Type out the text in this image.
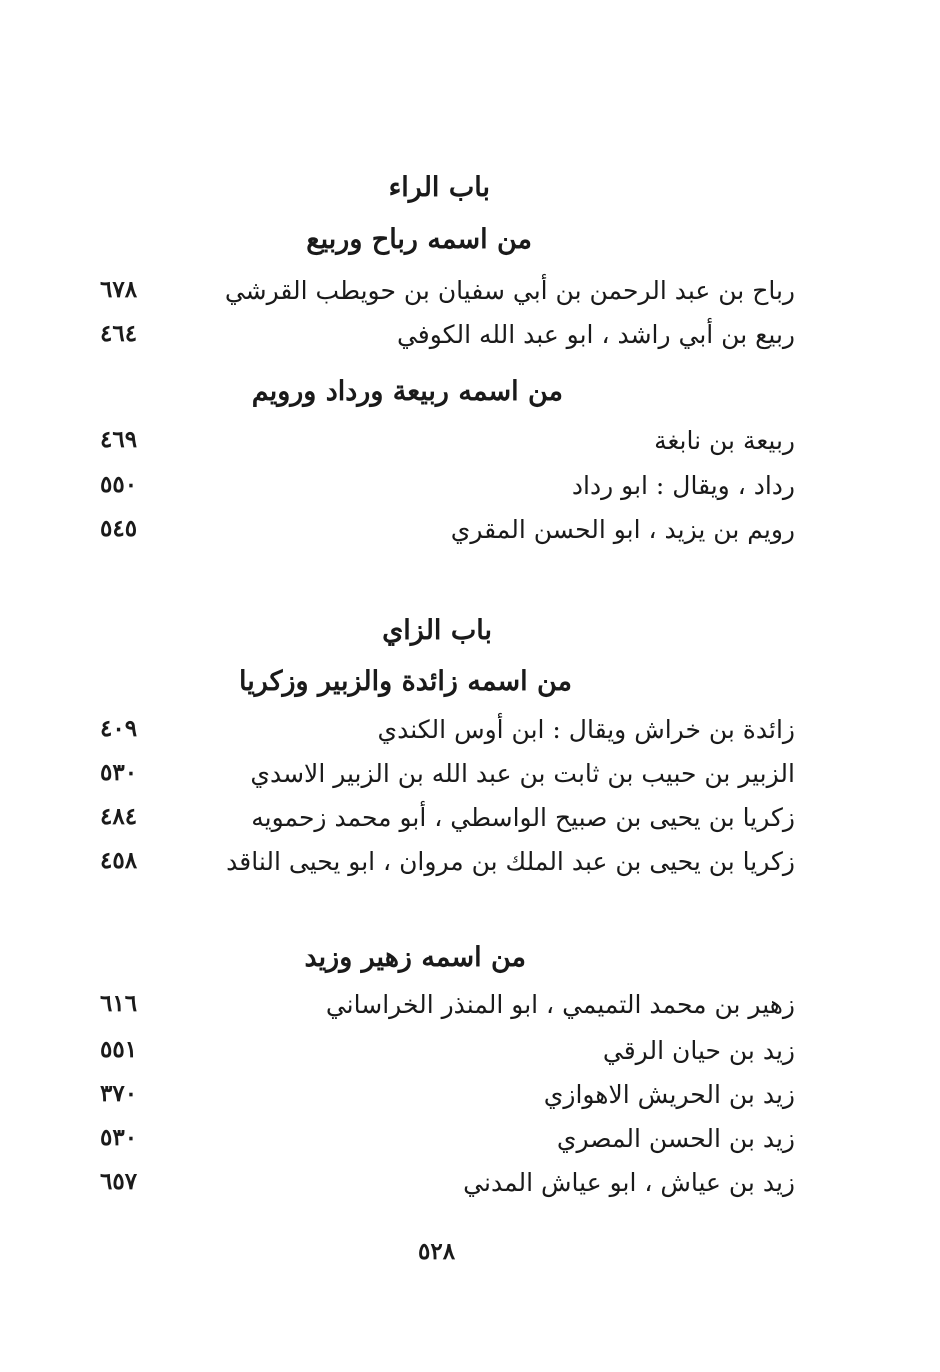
باب الراء
من اسمه رباح وربيع
رباح بن عبد الرحمن بن أبي سفيان بن حويطب القرشي
٦٧٨
ربيع بن أبي راشد ، ابو عبد الله الكوفي
٤٦٤
من اسمه ربيعة ورداد ورويم
ربيعة بن نابغة
٤٦٩
رداد ، ويقال : ابو رداد
٥٥٠
رويم بن يزيد ، ابو الحسن المقري
٥٤٥
باب الزاي
من اسمه زائدة والزبير وزكريا
زائدة بن خراش ويقال : ابن أوس الكندي
٤٠٩
الزبير بن حبيب بن ثابت بن عبد الله بن الزبير الاسدي
٥٣٠
زكريا بن يحيى بن صبيح الواسطي ، أبو محمد زحمويه
٤٨٤
زكريا بن يحيى بن عبد الملك بن مروان ، ابو يحيى الناقد
٤٥٨
من اسمه زهير وزيد
زهير بن محمد التميمي ، ابو المنذر الخراساني
٦١٦
زيد بن حيان الرقي
٥٥١
زيد بن الحريش الاهوازي
٣٧٠
زيد بن الحسن المصري
٥٣٠
زيد بن عياش ، ابو عياش المدني
٦٥٧
٥٢٨
